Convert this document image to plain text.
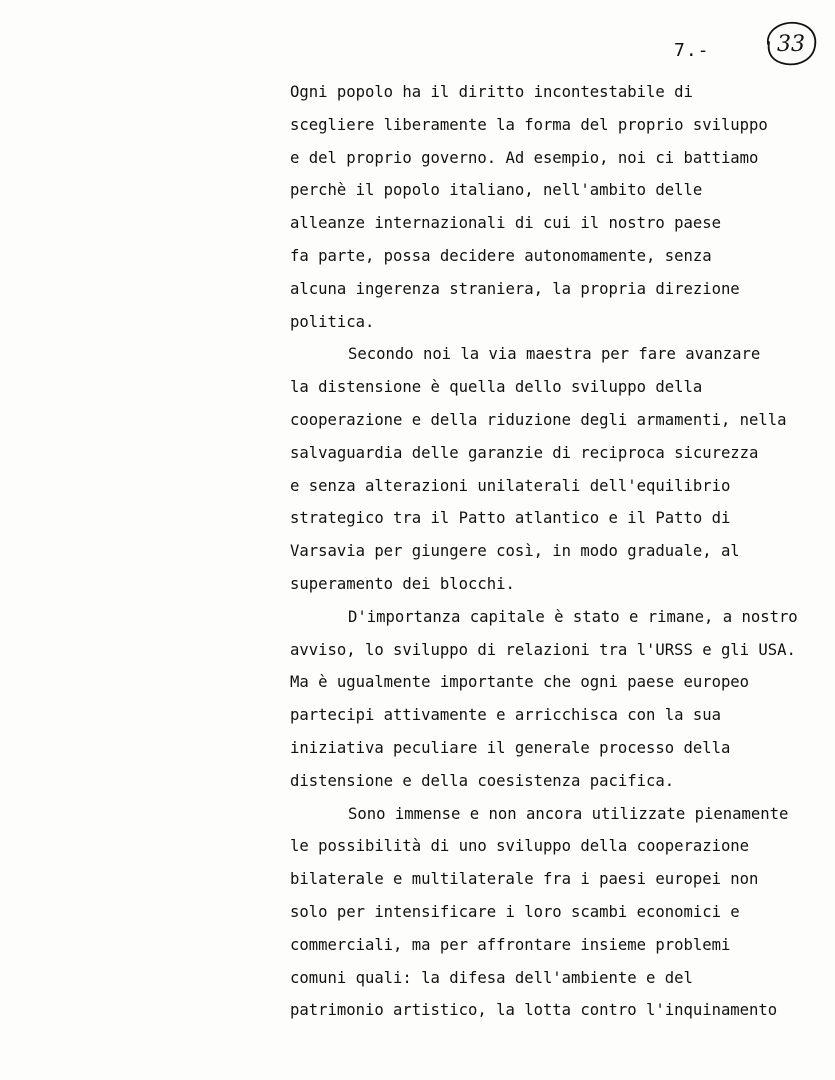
7.-	33
Ogni popolo ha il diritto incontestabile di
scegliere liberamente la forma del proprio sviluppo
e del proprio governo. Ad esempio, noi ci battiamo
perchè il popolo italiano, nell'ambito delle
alleanze internazionali di cui il nostro paese
fa parte, possa decidere autonomamente, senza
alcuna ingerenza straniera, la propria direzione
politica.
Secondo noi la via maestra per fare avanzare
la distensione è quella dello sviluppo della
cooperazione e della riduzione degli armamenti, nella
salvaguardia delle garanzie di reciproca sicurezza
e senza alterazioni unilaterali dell'equilibrio
strategico tra il Patto atlantico e il Patto di
Varsavia per giungere così, in modo graduale, al
superamento dei blocchi.
D'importanza capitale è stato e rimane, a nostro
avviso, lo sviluppo di relazioni tra l'URSS e gli USA.
Ma è ugualmente importante che ogni paese europeo
partecipi attivamente e arricchisca con la sua
iniziativa peculiare il generale processo della
distensione e della coesistenza pacifica.
Sono immense e non ancora utilizzate pienamente
le possibilità di uno sviluppo della cooperazione
bilaterale e multilaterale fra i paesi europei non
solo per intensificare i loro scambi economici e
commerciali, ma per affrontare insieme problemi
comuni quali: la difesa dell'ambiente e del
patrimonio artistico, la lotta contro l'inquinamento
